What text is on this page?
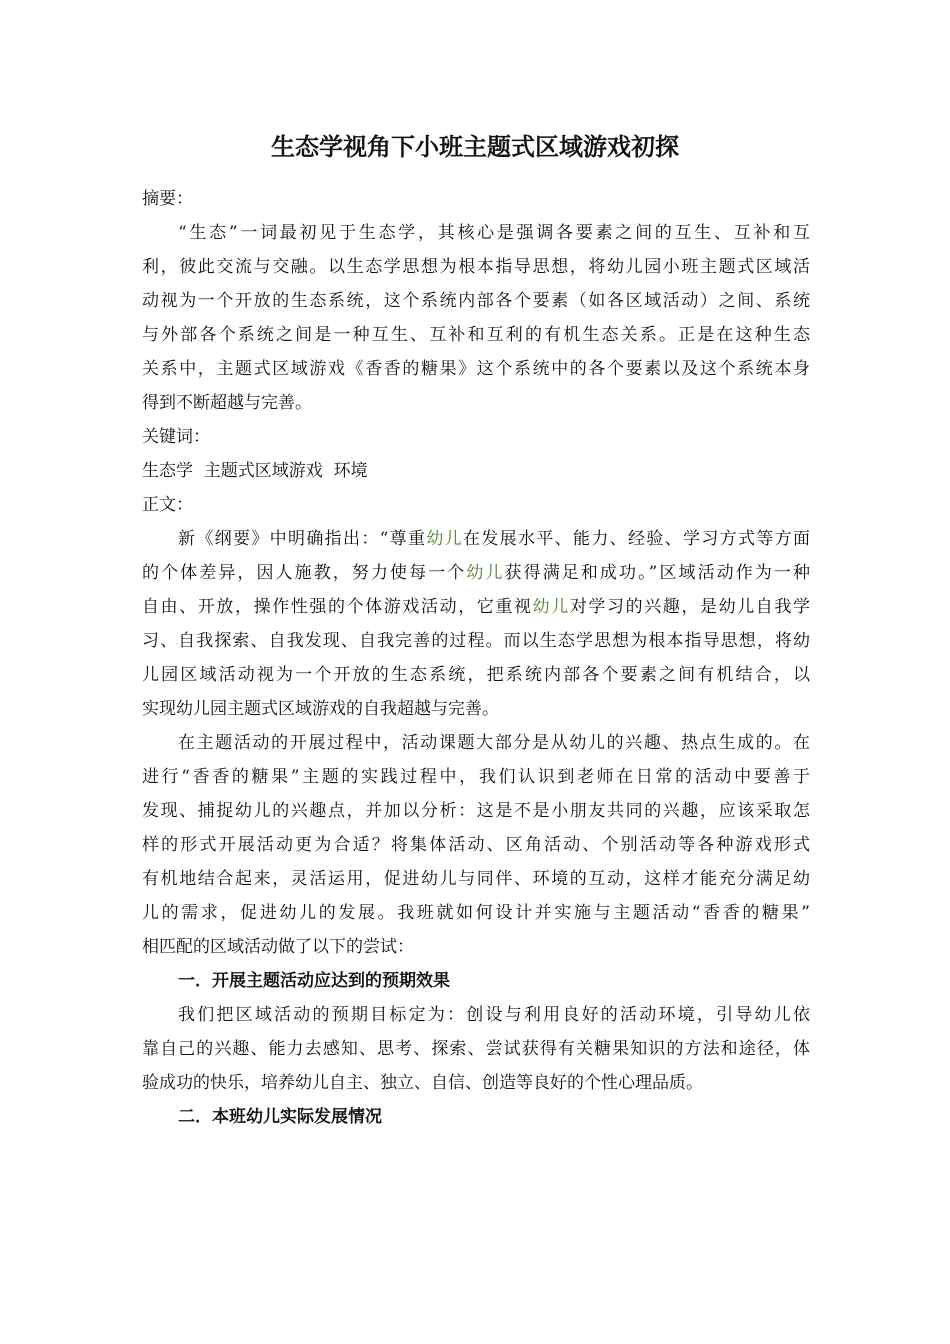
生态学视角下小班主题式区域游戏初探

摘要：

“生态”一词最初见于生态学，其核心是强调各要素之间的互生、互补和互

利，彼此交流与交融。以生态学思想为根本指导思想，将幼儿园小班主题式区域活

动视为一个开放的生态系统，这个系统内部各个要素（如各区域活动）之间、系统

与外部各个系统之间是一种互生、互补和互利的有机生态关系。正是在这种生态

关系中，主题式区域游戏《香香的糖果》这个系统中的各个要素以及这个系统本身

得到不断超越与完善。

关键词：

生态学  主题式区域游戏  环境

正文：

新《纲要》中明确指出：“尊重幼儿在发展水平、能力、经验、学习方式等方面

的个体差异，因人施教，努力使每一个幼儿获得满足和成功。”区域活动作为一种

自由、开放，操作性强的个体游戏活动，它重视幼儿对学习的兴趣，是幼儿自我学

习、自我探索、自我发现、自我完善的过程。而以生态学思想为根本指导思想，将幼

儿园区域活动视为一个开放的生态系统，把系统内部各个要素之间有机结合，以

实现幼儿园主题式区域游戏的自我超越与完善。

在主题活动的开展过程中，活动课题大部分是从幼儿的兴趣、热点生成的。在

进行“香香的糖果”主题的实践过程中，我们认识到老师在日常的活动中要善于

发现、捕捉幼儿的兴趣点，并加以分析：这是不是小朋友共同的兴趣，应该采取怎

样的形式开展活动更为合适？将集体活动、区角活动、个别活动等各种游戏形式

有机地结合起来，灵活运用，促进幼儿与同伴、环境的互动，这样才能充分满足幼

儿的需求，促进幼儿的发展。我班就如何设计并实施与主题活动“香香的糖果”

相匹配的区域活动做了以下的尝试：

一．开展主题活动应达到的预期效果

我们把区域活动的预期目标定为：创设与利用良好的活动环境，引导幼儿依

靠自己的兴趣、能力去感知、思考、探索、尝试获得有关糖果知识的方法和途径，体

验成功的快乐，培养幼儿自主、独立、自信、创造等良好的个性心理品质。

二．本班幼儿实际发展情况
